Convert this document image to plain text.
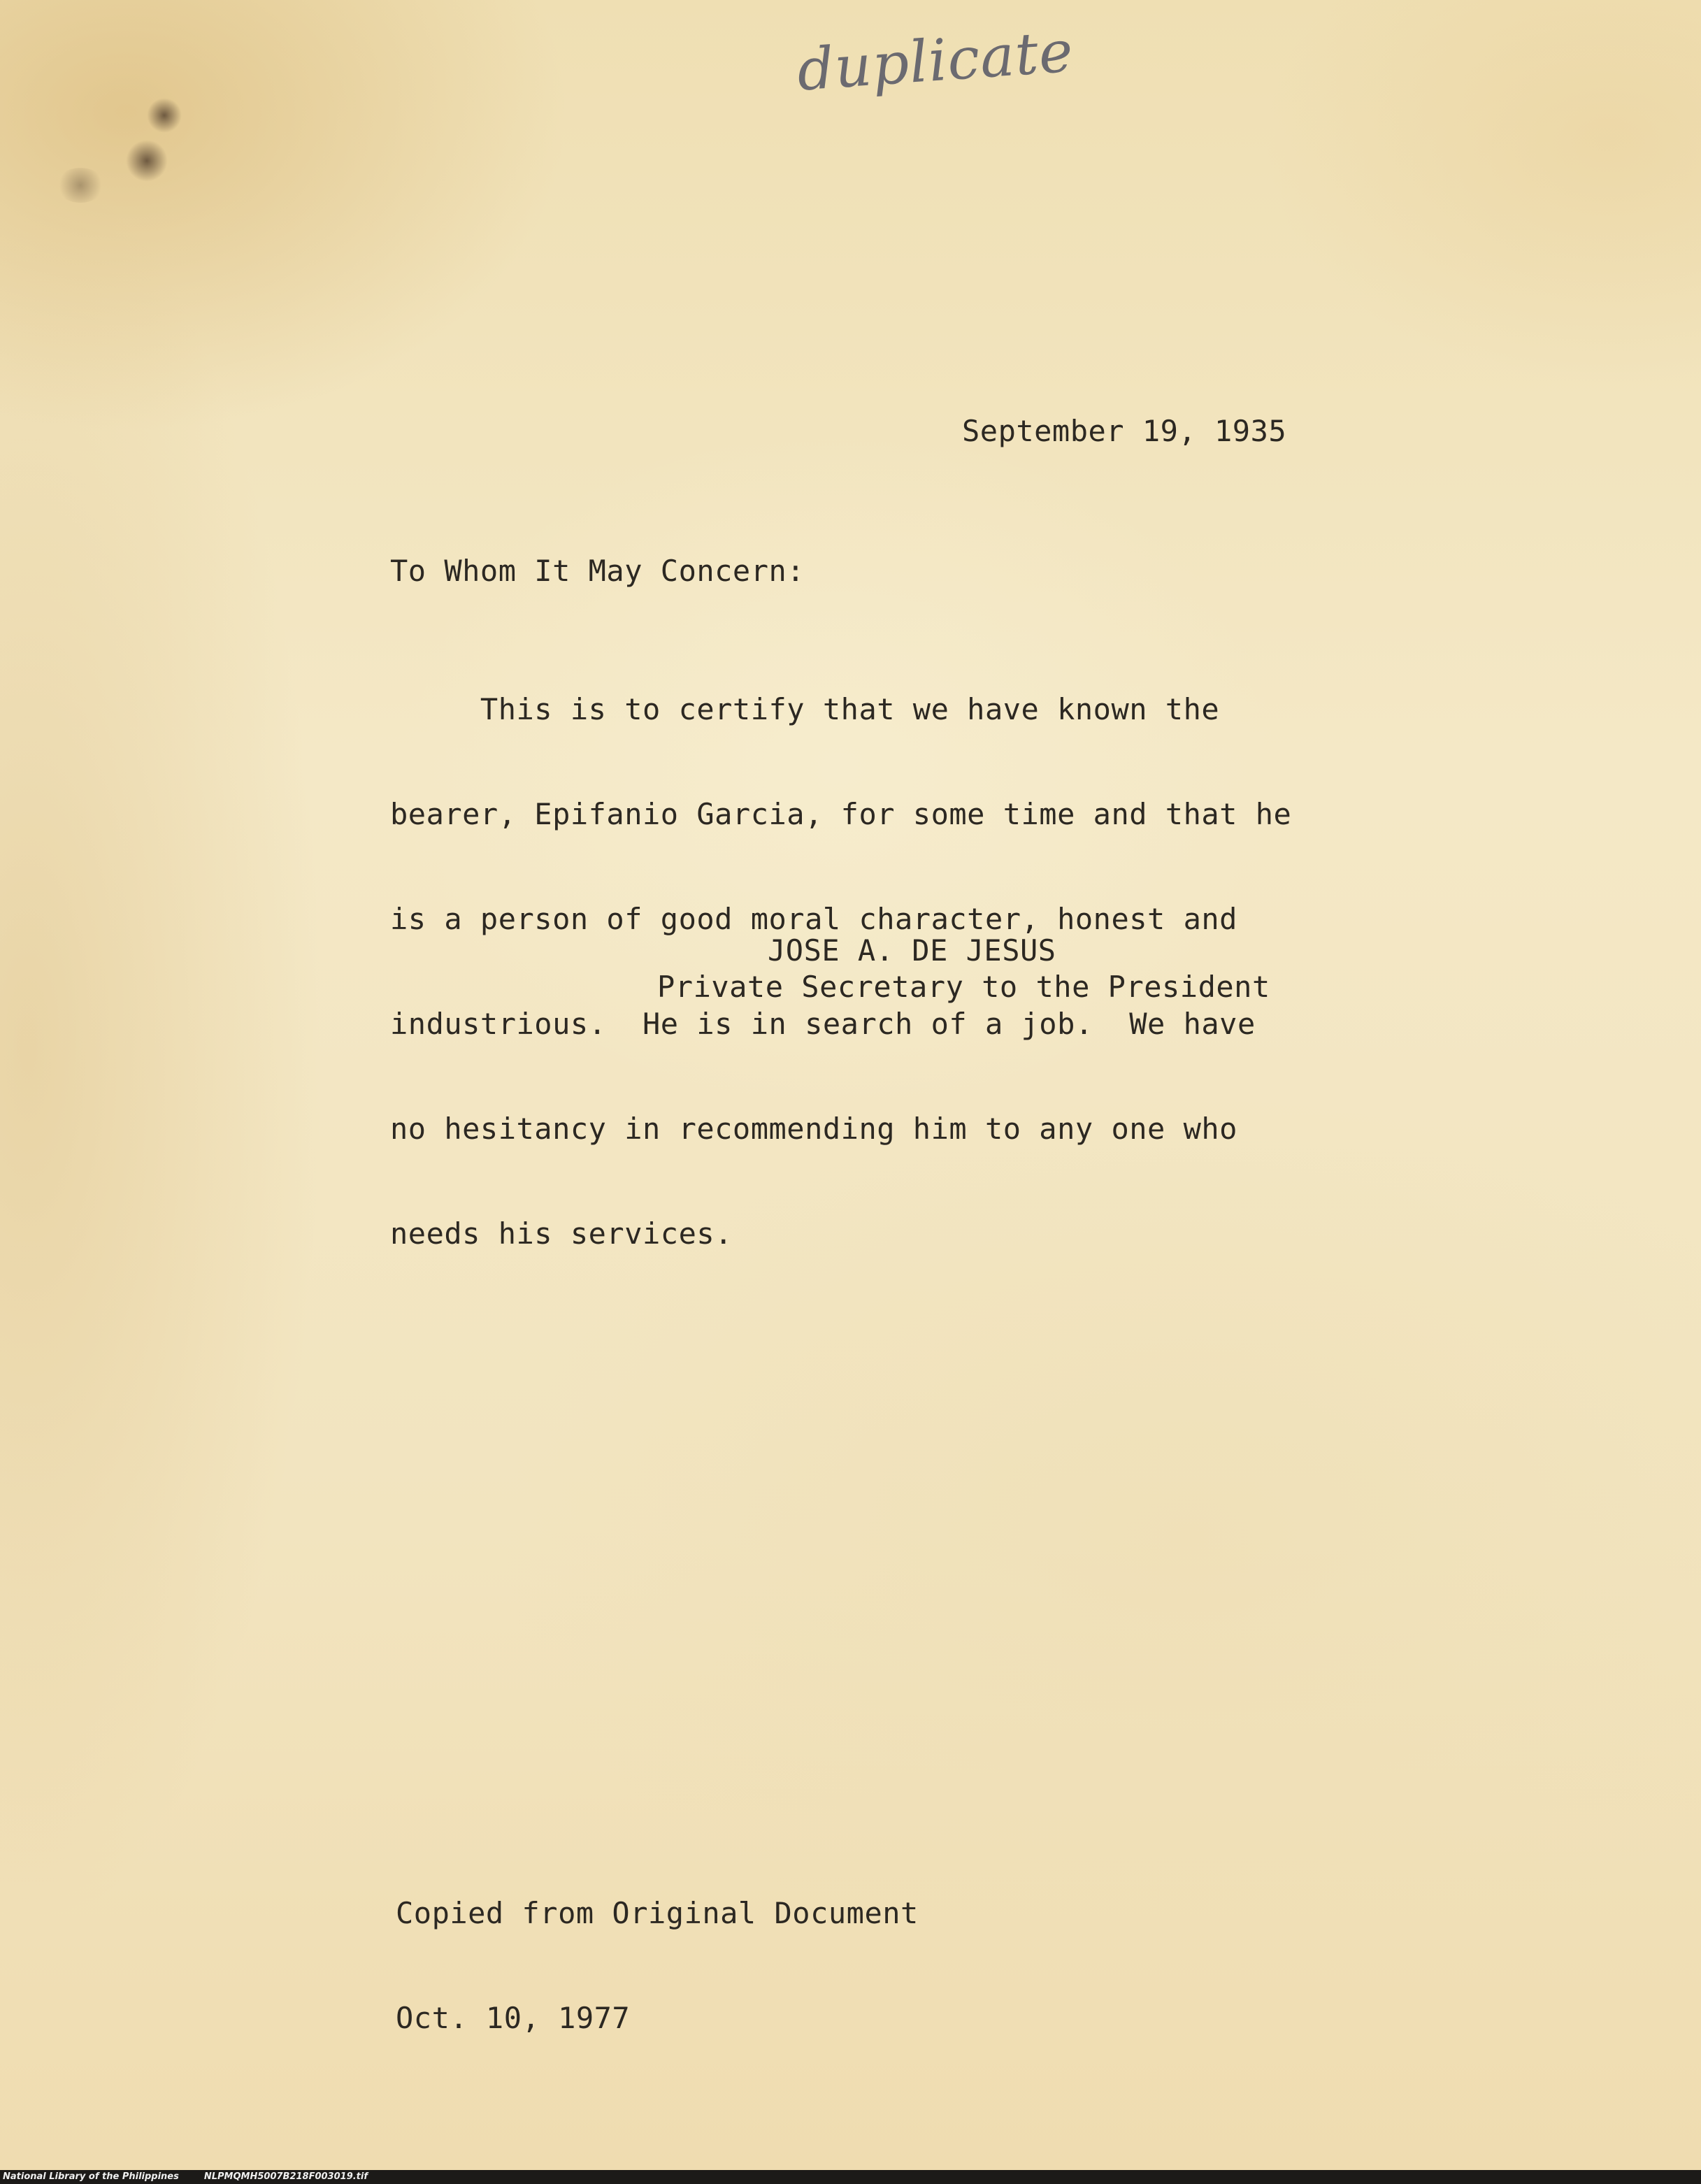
duplicate
September 19, 1935
To Whom It May Concern:

This is to certify that we have known the

bearer, Epifanio Garcia, for some time and that he

is a person of good moral character, honest and

industrious.  He is in search of a job.  We have

no hesitancy in recommending him to any one who

needs his services.

JOSE A. DE JESUS
Private Secretary to the President

Copied from Original Document

Oct. 10, 1977

National Library of the Philippines	NLPMQMH5007B218F003019.tif
